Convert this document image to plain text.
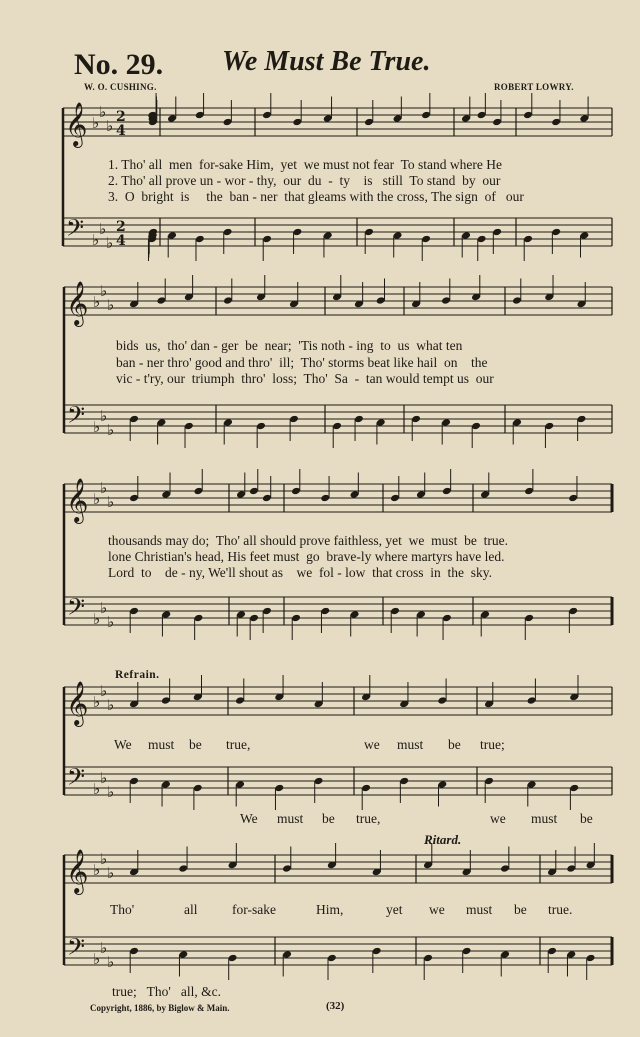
No. 29. We Must Be True.
W. O. CUSHING.	ROBERT LOWRY.
1. Tho' all  men  for-sake Him,  yet  we must not fear  To stand where He
2. Tho' all prove un - wor - thy,  our  du  -  ty    is   still  To stand  by  our
3.  O  bright  is     the  ban - ner  that gleams with the cross, The sign  of   our
bids  us,  tho' dan - ger  be  near;  'Tis noth - ing  to  us  what ten
ban - ner thro' good and thro'  ill;  Tho' storms beat like hail  on    the
vic - t'ry, our  triumph  thro'  loss;  Tho'  Sa  -  tan would tempt us  our
thousands may do;  Tho' all should prove faithless, yet  we  must  be  true.
lone Christian's head, His feet must  go  brave-ly where martyrs have led.
Lord  to    de - ny, We'll shout as    we  fol - low  that cross  in  the  sky.
Refrain.
We must be true,	we must be true;
We must be true,	we must be
Ritard.
Tho'	all	for-sake	Him,	yet we must be true.
true;   Tho'   all, &c.
Copyright, 1886, by Biglow & Main.	(32)
𝄞
𝄢
♭
♭
♭
♭
♭
♭
2
4
2
4
𝄞
𝄢
♭
♭
♭
♭
♭
♭
𝄞
𝄢
♭
♭
♭
♭
♭
♭
𝄞
𝄢
♭
♭
♭
♭
♭
♭
𝄞
𝄢
♭
♭
♭
♭
♭
♭
